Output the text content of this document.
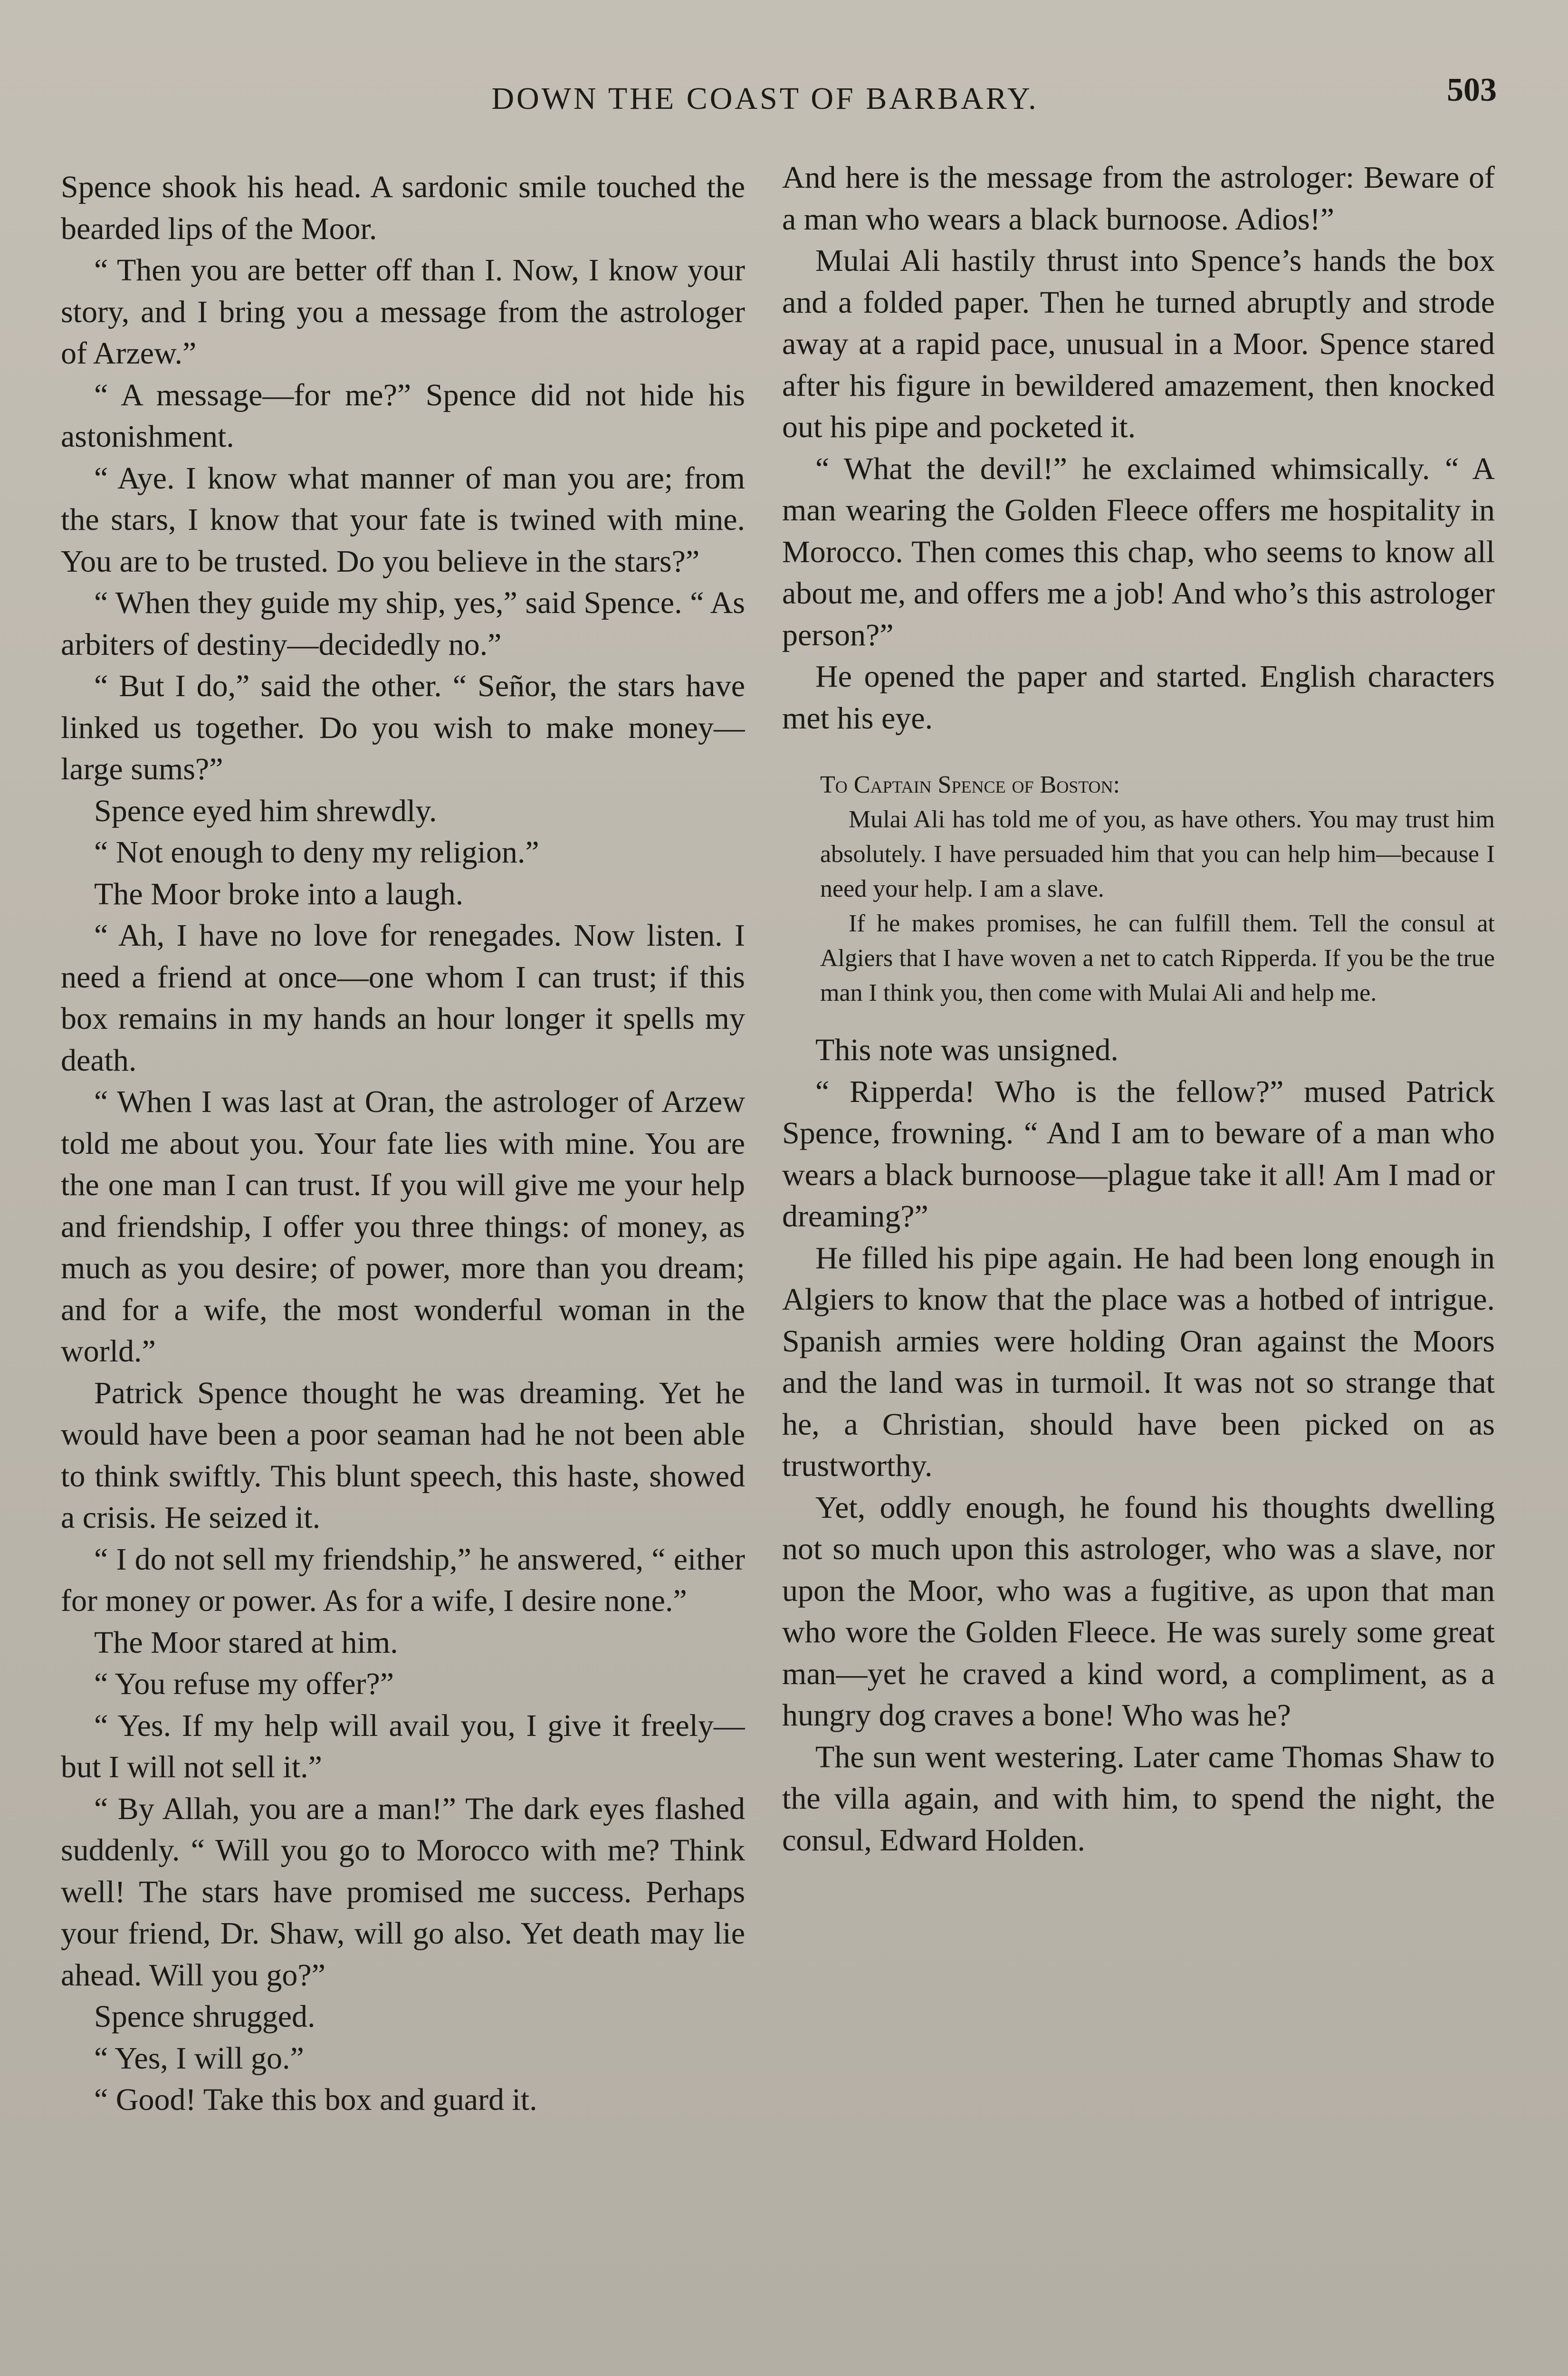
DOWN THE COAST OF BARBARY.	503

Spence shook his head. A sardonic smile touched the bearded lips of the Moor.

“ Then you are better off than I. Now, I know your story, and I bring you a message from the astrologer of Arzew.”

“ A message—for me?” Spence did not hide his astonishment.

“ Aye. I know what manner of man you are; from the stars, I know that your fate is twined with mine. You are to be trusted. Do you believe in the stars?”

“ When they guide my ship, yes,” said Spence. “ As arbiters of destiny—decidedly no.”

“ But I do,” said the other. “ Señor, the stars have linked us together. Do you wish to make money—large sums?”

Spence eyed him shrewdly.

“ Not enough to deny my religion.”

The Moor broke into a laugh.

“ Ah, I have no love for renegades. Now listen. I need a friend at once—one whom I can trust; if this box remains in my hands an hour longer it spells my death.

“ When I was last at Oran, the astrologer of Arzew told me about you. Your fate lies with mine. You are the one man I can trust. If you will give me your help and friendship, I offer you three things: of money, as much as you desire; of power, more than you dream; and for a wife, the most wonderful woman in the world.”

Patrick Spence thought he was dreaming. Yet he would have been a poor seaman had he not been able to think swiftly. This blunt speech, this haste, showed a crisis. He seized it.

“ I do not sell my friendship,” he answered, “ either for money or power. As for a wife, I desire none.”

The Moor stared at him.

“ You refuse my offer?”

“ Yes. If my help will avail you, I give it freely—but I will not sell it.”

“ By Allah, you are a man!” The dark eyes flashed suddenly. “ Will you go to Morocco with me? Think well! The stars have promised me success. Perhaps your friend, Dr. Shaw, will go also. Yet death may lie ahead. Will you go?”

Spence shrugged.

“ Yes, I will go.”

“ Good! Take this box and guard it.

And here is the message from the astrologer: Beware of a man who wears a black burnoose. Adios!”

Mulai Ali hastily thrust into Spence’s hands the box and a folded paper. Then he turned abruptly and strode away at a rapid pace, unusual in a Moor. Spence stared after his figure in bewildered amazement, then knocked out his pipe and pocketed it.

“ What the devil!” he exclaimed whimsically. “ A man wearing the Golden Fleece offers me hospitality in Morocco. Then comes this chap, who seems to know all about me, and offers me a job! And who’s this astrologer person?”

He opened the paper and started. English characters met his eye.

To Captain Spence of Boston:

Mulai Ali has told me of you, as have others. You may trust him absolutely. I have persuaded him that you can help him—because I need your help. I am a slave.

If he makes promises, he can fulfill them. Tell the consul at Algiers that I have woven a net to catch Ripperda. If you be the true man I think you, then come with Mulai Ali and help me.

This note was unsigned.

“ Ripperda! Who is the fellow?” mused Patrick Spence, frowning. “ And I am to beware of a man who wears a black burnoose—plague take it all! Am I mad or dreaming?”

He filled his pipe again. He had been long enough in Algiers to know that the place was a hotbed of intrigue. Spanish armies were holding Oran against the Moors and the land was in turmoil. It was not so strange that he, a Christian, should have been picked on as trustworthy.

Yet, oddly enough, he found his thoughts dwelling not so much upon this astrologer, who was a slave, nor upon the Moor, who was a fugitive, as upon that man who wore the Golden Fleece. He was surely some great man—yet he craved a kind word, a compliment, as a hungry dog craves a bone! Who was he?

The sun went westering. Later came Thomas Shaw to the villa again, and with him, to spend the night, the consul, Edward Holden.
